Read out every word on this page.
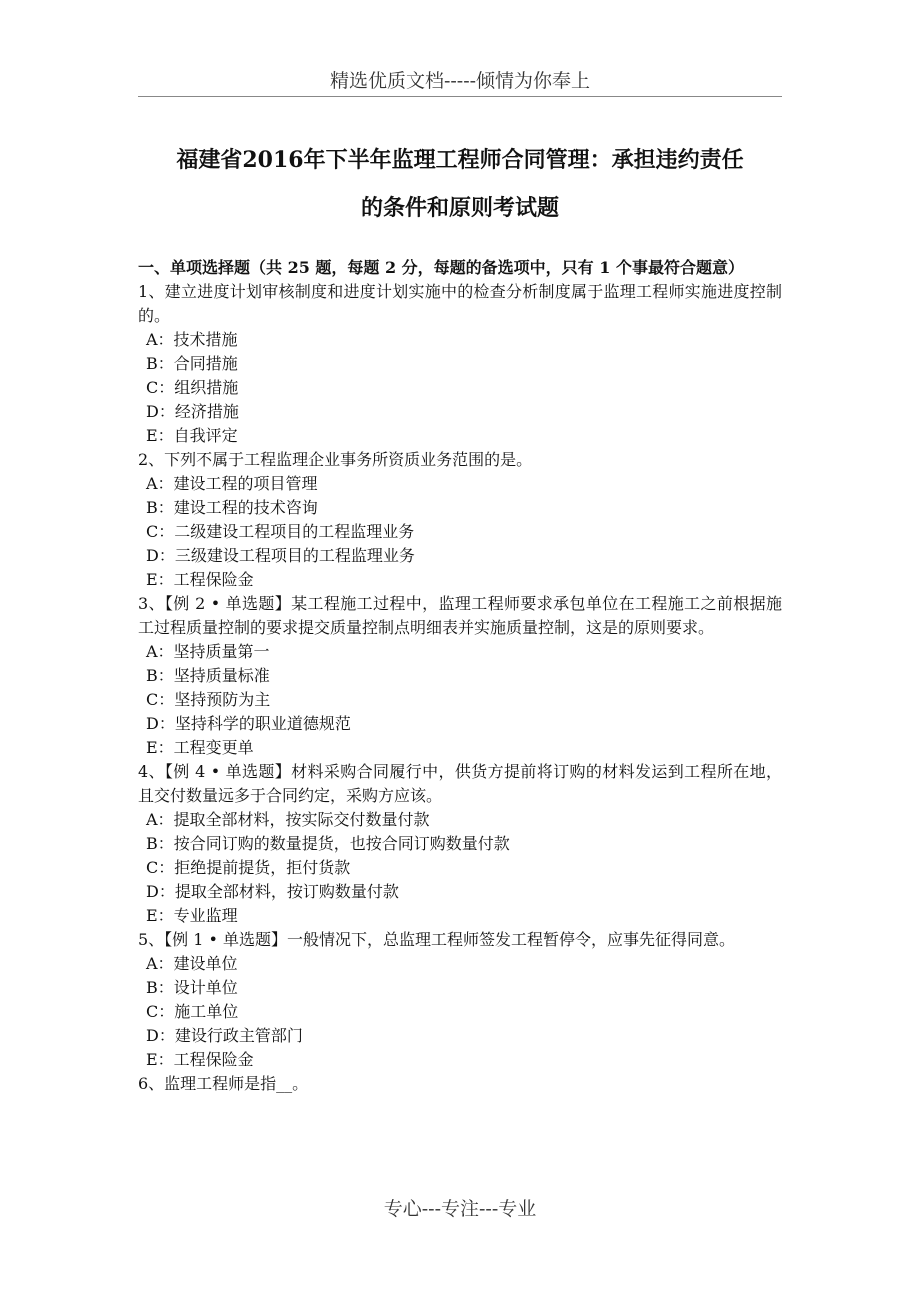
精选优质文档-----倾情为你奉上
福建省2016年下半年监理工程师合同管理：承担违约责任
的条件和原则考试题
一、单项选择题（共 25 题，每题 2 分，每题的备选项中，只有 1 个事最符合题意）
1、建立进度计划审核制度和进度计划实施中的检查分析制度属于监理工程师实施进度控制的。
A：技术措施
B：合同措施
C：组织措施
D：经济措施
E：自我评定
2、下列不属于工程监理企业事务所资质业务范围的是。
A：建设工程的项目管理
B：建设工程的技术咨询
C：二级建设工程项目的工程监理业务
D：三级建设工程项目的工程监理业务
E：工程保险金
3、【例 2 • 单选题】某工程施工过程中，监理工程师要求承包单位在工程施工之前根据施工过程质量控制的要求提交质量控制点明细表并实施质量控制，这是的原则要求。
A：坚持质量第一
B：坚持质量标准
C：坚持预防为主
D：坚持科学的职业道德规范
E：工程变更单
4、【例 4 • 单选题】材料采购合同履行中，供货方提前将订购的材料发运到工程所在地，且交付数量远多于合同约定，采购方应该。
A：提取全部材料，按实际交付数量付款
B：按合同订购的数量提货，也按合同订购数量付款
C：拒绝提前提货，拒付货款
D：提取全部材料，按订购数量付款
E：专业监理
5、【例 1 • 单选题】一般情况下，总监理工程师签发工程暂停令，应事先征得同意。
A：建设单位
B：设计单位
C：施工单位
D：建设行政主管部门
E：工程保险金
6、监理工程师是指__。
专心---专注---专业
